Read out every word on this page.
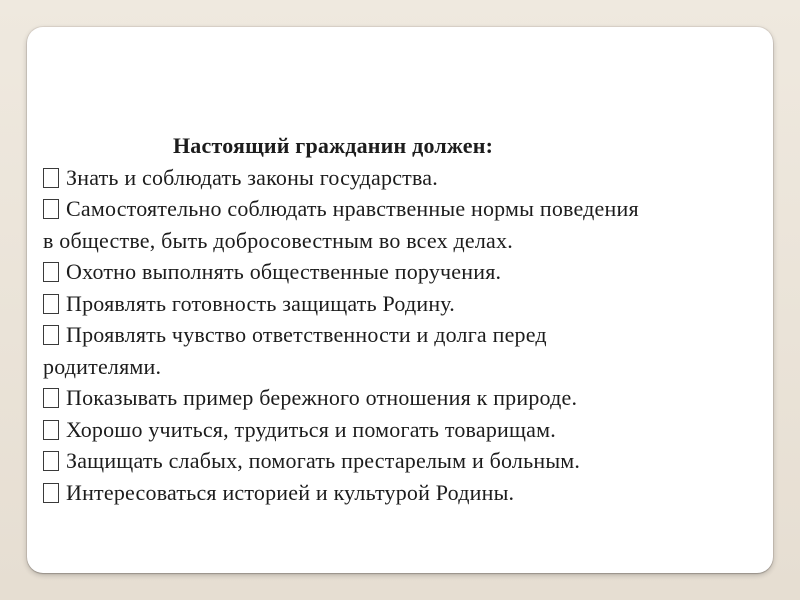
Настоящий гражданин должен:

Знать и соблюдать законы государства.

Самостоятельно соблюдать нравственные нормы поведения
в обществе, быть добросовестным во всех делах.

Охотно выполнять общественные поручения.

Проявлять готовность защищать Родину.

Проявлять чувство ответственности и долга перед
родителями.

Показывать пример бережного отношения к природе.

Хорошо учиться, трудиться и помогать товарищам.

Защищать слабых, помогать престарелым и больным.

Интересоваться историей и культурой Родины.
